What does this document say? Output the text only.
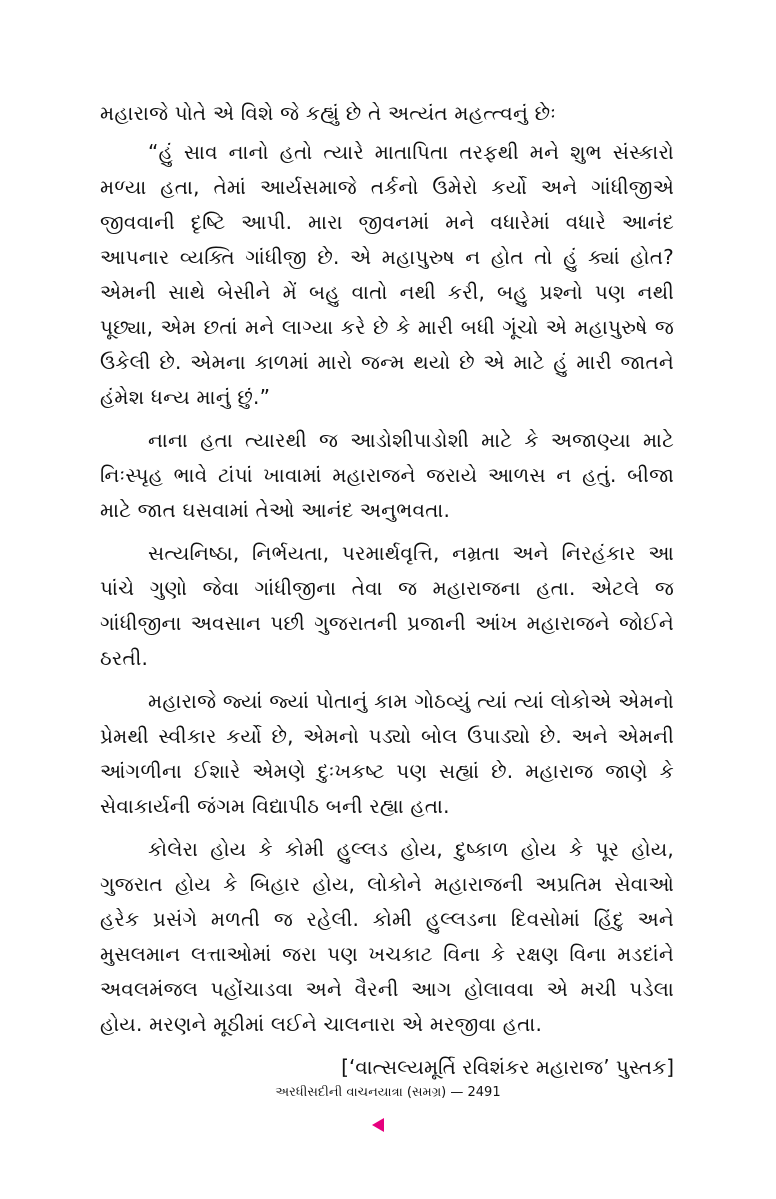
મહારાજે પોતે એ વિશે જે કહ્યું છે તે અત્યંત મહત્ત્વનું છેઃ

“હું સાવ નાનો હતો ત્યારે માતાપિતા તરફથી મને શુભ સંસ્કારો મળ્યા હતા, તેમાં આર્યસમાજે તર્કનો ઉમેરો કર્યો અને ગાંધીજીએ જીવવાની દૃષ્ટિ આપી. મારા જીવનમાં મને વધારેમાં વધારે આનંદ આપનાર વ્યક્તિ ગાંધીજી છે. એ મહાપુરુષ ન હોત તો હું ક્યાં હોત? એમની સાથે બેસીને મેં બહુ વાતો નથી કરી, બહુ પ્રશ્નો પણ નથી પૂછ્યા, એમ છતાં મને લાગ્યા કરે છે કે મારી બધી ગૂંચો એ મહાપુરુષે જ ઉકેલી છે. એમના કાળમાં મારો જન્મ થયો છે એ માટે હું મારી જાતને હંમેશ ધન્ય માનું છું.”

નાના હતા ત્યારથી જ આડોશીપાડોશી માટે કે અજાણ્યા માટે નિઃસ્પૃહ ભાવે ટાંપાં ખાવામાં મહારાજને જરાયે આળસ ન હતું. બીજા માટે જાત ઘસવામાં તેઓ આનંદ અનુભવતા.

સત્યનિષ્ઠા, નિર્ભયતા, પરમાર્થવૃત્તિ, નમ્રતા અને નિરહંકાર આ પાંચે ગુણો જેવા ગાંધીજીના તેવા જ મહારાજના હતા. એટલે જ ગાંધીજીના અવસાન પછી ગુજરાતની પ્રજાની આંખ મહારાજને જોઈને ઠરતી.

મહારાજે જ્યાં જ્યાં પોતાનું કામ ગોઠવ્યું ત્યાં ત્યાં લોકોએ એમનો પ્રેમથી સ્વીકાર કર્યો છે, એમનો પડ્યો બોલ ઉપાડ્યો છે. અને એમની આંગળીના ઈશારે એમણે દુઃખકષ્ટ પણ સહ્યાં છે. મહારાજ જાણે કે સેવાકાર્યની જંગમ વિદ્યાપીઠ બની રહ્યા હતા.

કોલેરા હોય કે કોમી હુલ્લડ હોય, દુષ્કાળ હોય કે પૂર હોય, ગુજરાત હોય કે બિહાર હોય, લોકોને મહારાજની અપ્રતિમ સેવાઓ હરેક પ્રસંગે મળતી જ રહેલી. કોમી હુલ્લડના દિવસોમાં હિંદુ અને મુસલમાન લત્તાઓમાં જરા પણ ખચકાટ વિના કે રક્ષણ વિના મડદાંને અવલમંજલ પહોંચાડવા અને વૈરની આગ હોલાવવા એ મચી પડેલા હોય. મરણને મૂઠીમાં લઈને ચાલનારા એ મરજીવા હતા.

[‘વાત્સલ્યમૂર્તિ રવિશંકર મહારાજ’ પુસ્તક]
અરધીસદીની વાચનયાત્રા (સમગ્ર) — 2491
